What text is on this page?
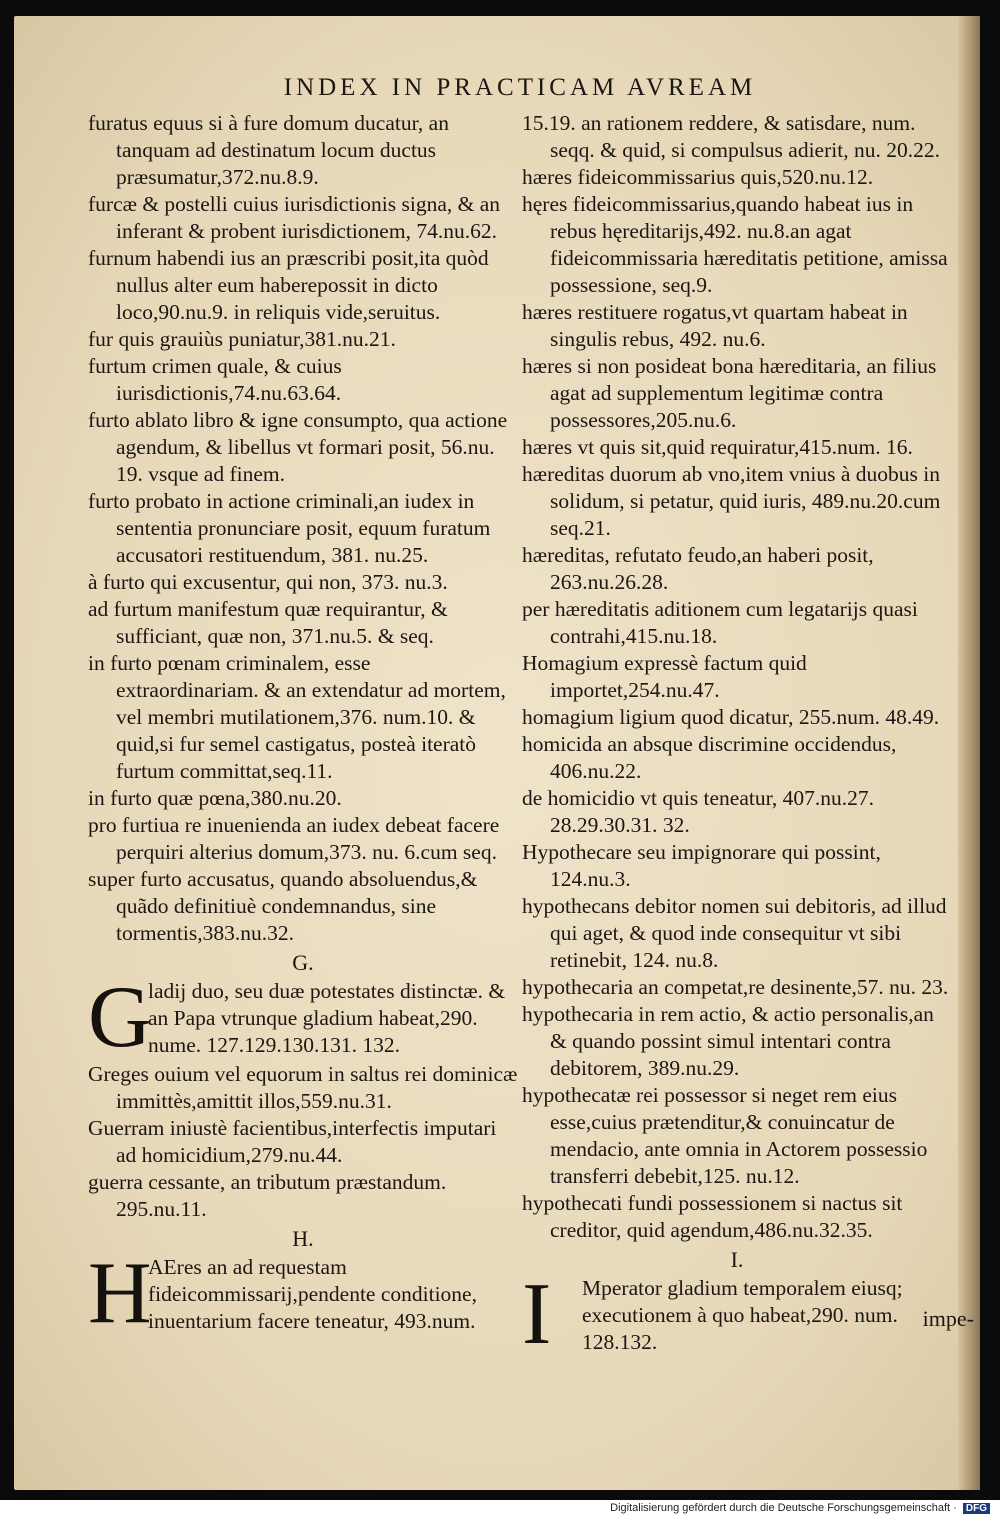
INDEX IN PRACTICAM AVREAM

furatus equus si à fure domum ducatur, an tanquam ad destinatum locum ductus præsumatur,372.nu.8.9.

furcæ & postelli cuius iurisdictionis signa, & an inferant & probent iurisdictionem, 74.nu.62.

furnum habendi ius an præscribi posit,ita quòd nullus alter eum haberepossit in dicto loco,90.nu.9. in reliquis vide,seruitus.

fur quis grauiùs puniatur,381.nu.21.

furtum crimen quale, & cuius iurisdictionis,74.nu.63.64.

furto ablato libro & igne consumpto, qua actione agendum, & libellus vt formari posit, 56.nu. 19. vsque ad finem.

furto probato in actione criminali,an iudex in sententia pronunciare posit, equum furatum accusatori restituendum, 381. nu.25.

à furto qui excusentur, qui non, 373. nu.3.

ad furtum manifestum quæ requirantur, & sufficiant, quæ non, 371.nu.5. & seq.

in furto pœnam criminalem, esse extraordinariam. & an extendatur ad mortem, vel membri mutilationem,376. num.10. & quid,si fur semel castigatus, posteà iteratò furtum committat,seq.11.

in furto quæ pœna,380.nu.20.

pro furtiua re inuenienda an iudex debeat facere perquiri alterius domum,373. nu. 6.cum seq.

super furto accusatus, quando absoluendus,& quãdo definitiuè condemnandus, sine tormentis,383.nu.32.

G.

G
ladij duo, seu duæ potestates distinctæ. & an Papa vtrunque gladium habeat,290. nume. 127.129.130.131. 132.

Greges ouium vel equorum in saltus rei dominicæ immittès,amittit illos,559.nu.31.

Guerram iniustè facientibus,interfectis imputari ad homicidium,279.nu.44.

guerra cessante, an tributum præstandum. 295.nu.11.

H.

H
AEres an ad requestam fideicommissarij,pendente conditione, inuentarium facere teneatur, 493.num.

15.19. an rationem reddere, & satisdare, num. seqq. & quid, si compulsus adierit, nu. 20.22.

hæres fideicommissarius quis,520.nu.12.

hęres fideicommissarius,quando habeat ius in rebus hęreditarijs,492. nu.8.an agat fideicommissaria hæreditatis petitione, amissa possessione, seq.9.

hæres restituere rogatus,vt quartam habeat in singulis rebus, 492. nu.6.

hæres si non posideat bona hæreditaria, an filius agat ad supplementum legitimæ contra possessores,205.nu.6.

hæres vt quis sit,quid requiratur,415.num. 16.

hæreditas duorum ab vno,item vnius à duobus in solidum, si petatur, quid iuris, 489.nu.20.cum seq.21.

hæreditas, refutato feudo,an haberi posit, 263.nu.26.28.

per hæreditatis aditionem cum legatarijs quasi contrahi,415.nu.18.

Homagium expressè factum quid importet,254.nu.47.

homagium ligium quod dicatur, 255.num. 48.49.

homicida an absque discrimine occidendus, 406.nu.22.

de homicidio vt quis teneatur, 407.nu.27. 28.29.30.31. 32.

Hypothecare seu impignorare qui possint, 124.nu.3.

hypothecans debitor nomen sui debitoris, ad illud qui aget, & quod inde consequitur vt sibi retinebit, 124. nu.8.

hypothecaria an competat,re desinente,57. nu. 23.

hypothecaria in rem actio, & actio personalis,an & quando possint simul intentari contra debitorem, 389.nu.29.

hypothecatæ rei possessor si neget rem eius esse,cuius prætenditur,& conuincatur de mendacio, ante omnia in Actorem possessio transferri debebit,125. nu.12.

hypothecati fundi possessionem si nactus sit creditor, quid agendum,486.nu.32.35.

I.

I Mperator gladium temporalem eiusq; executionem à quo habeat,290. num. 128.132.
impe-
Digitalisierung gefördert durch die Deutsche Forschungsgemeinschaft · DFG
